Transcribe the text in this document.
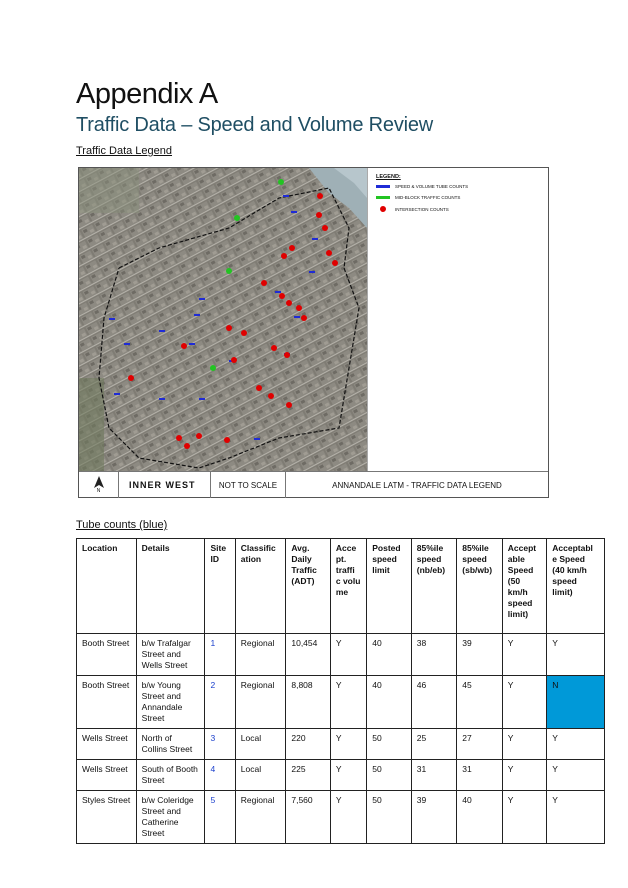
Appendix A
Traffic Data – Speed and Volume Review
Traffic Data Legend
LEGEND:
SPEED & VOLUME TUBE COUNTS
MID-BLOCK TRAFFIC COUNTS
INTERSECTION COUNTS
N
INNER WEST	NOT TO SCALE	ANNANDALE LATM - TRAFFIC DATA LEGEND
Tube counts (blue)
Location	Details	Site ID	Classific ation	Avg. Daily Traffic (ADT)	Acce pt. traffi c volu me	Posted speed limit	85%ile speed (nb/eb)	85%ile speed (sb/wb)	Accept able Speed (50 km/h speed limit)	Acceptabl e Speed (40 km/h speed limit)
Booth Street	b/w Trafalgar Street and Wells Street	1	Regional	10,454	Y	40	38	39	Y	Y
Booth Street	b/w Young Street and Annandale Street	2	Regional	8,808	Y	40	46	45	Y	N
Wells Street	North of Collins Street	3	Local	220	Y	50	25	27	Y	Y
Wells Street	South of Booth Street	4	Local	225	Y	50	31	31	Y	Y
Styles Street	b/w Coleridge Street and Catherine Street	5	Regional	7,560	Y	50	39	40	Y	Y
